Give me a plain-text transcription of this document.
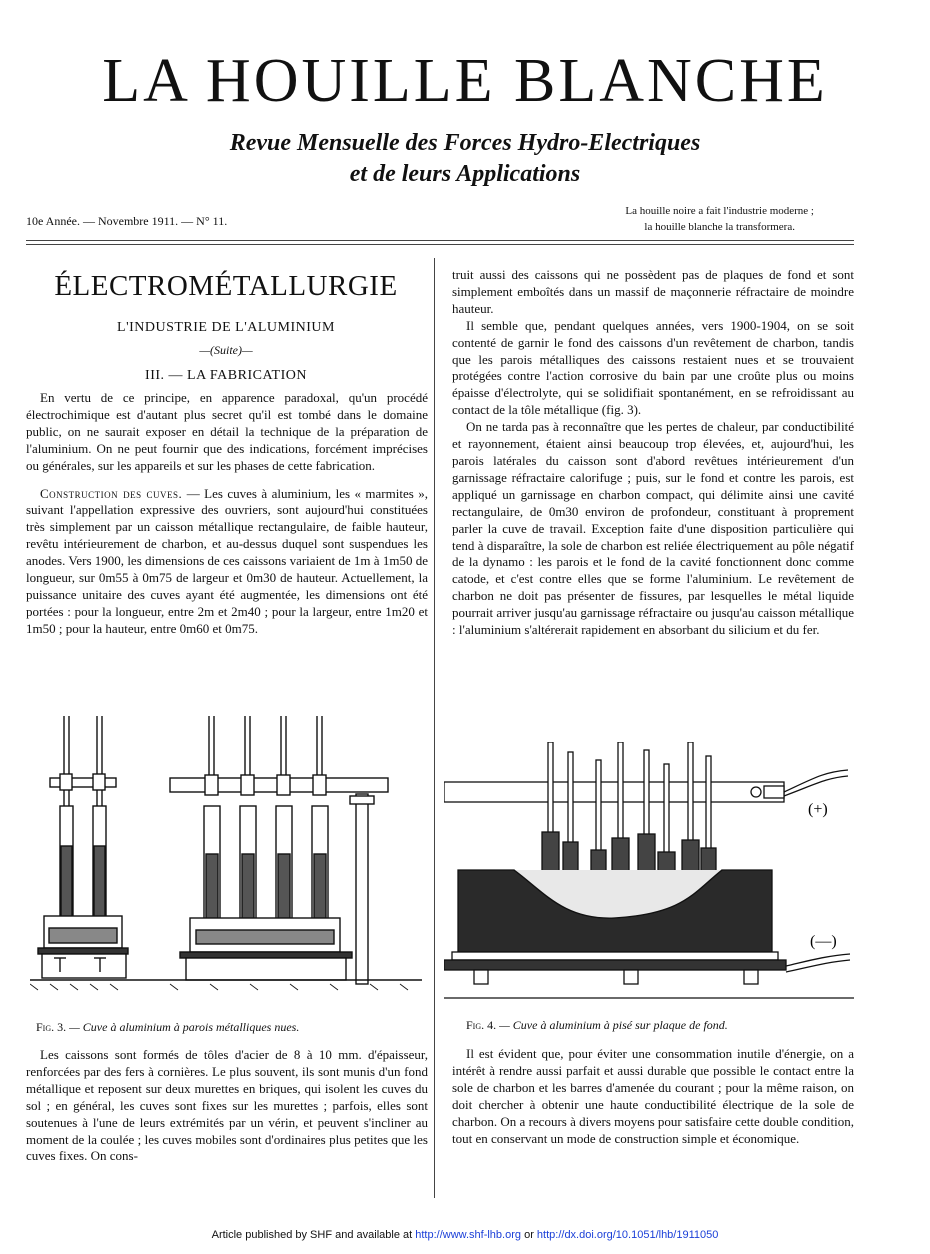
LA HOUILLE BLANCHE
Revue Mensuelle des Forces Hydro-Electriques
et de leurs Applications
10e Année. — Novembre 1911. — N° 11.
La houille noire a fait l'industrie moderne ;
la houille blanche la transformera.
ÉLECTROMÉTALLURGIE
L'INDUSTRIE DE L'ALUMINIUM
—(Suite)—
III. — LA FABRICATION

En vertu de ce principe, en apparence paradoxal, qu'un procédé électrochimique est d'autant plus secret qu'il est tombé dans le domaine public, on ne saurait exposer en détail la technique de la préparation de l'aluminium. On ne peut fournir que des indications, forcément imprécises ou générales, sur les appareils et sur les phases de cette fabrication.

Construction des cuves. — Les cuves à aluminium, les « marmites », suivant l'appellation expressive des ouvriers, sont aujourd'hui constituées très simplement par un caisson métallique rectangulaire, de faible hauteur, revêtu intérieurement de charbon, et au-dessus duquel sont suspendues les anodes. Vers 1900, les dimensions de ces caissons variaient de 1m à 1m50 de longueur, sur 0m55 à 0m75 de largeur et 0m30 de hauteur. Actuellement, la puissance unitaire des cuves ayant été augmentée, les dimensions ont été portées : pour la longueur, entre 2m et 2m40 ; pour la largeur, entre 1m20 et 1m50 ; pour la hauteur, entre 0m60 et 0m75.

Fig. 3. — Cuve à aluminium à parois métalliques nues.

Les caissons sont formés de tôles d'acier de 8 à 10 mm. d'épaisseur, renforcées par des fers à cornières. Le plus souvent, ils sont munis d'un fond métallique et reposent sur deux murettes en briques, qui isolent les cuves du sol ; en général, les cuves sont fixes sur les murettes ; parfois, elles sont soutenues à l'une de leurs extrémités par un vérin, et peuvent s'incliner au moment de la coulée ; les cuves mobiles sont d'ordinaires plus petites que les cuves fixes. On cons-

truit aussi des caissons qui ne possèdent pas de plaques de fond et sont simplement emboîtés dans un massif de maçonnerie réfractaire de moindre hauteur.

Il semble que, pendant quelques années, vers 1900-1904, on se soit contenté de garnir le fond des caissons d'un revêtement de charbon, tandis que les parois métalliques des caissons restaient nues et se trouvaient protégées contre l'action corrosive du bain par une croûte plus ou moins épaisse d'électrolyte, qui se solidifiait spontanément, en se refroidissant au contact de la tôle métallique (fig. 3).

On ne tarda pas à reconnaître que les pertes de chaleur, par conductibilité et rayonnement, étaient ainsi beaucoup trop élevées, et, aujourd'hui, les parois latérales du caisson sont d'abord revêtues intérieurement d'un garnissage réfractaire calorifuge ; puis, sur le fond et contre les parois, est appliqué un garnissage en charbon compact, qui délimite ainsi une cavité rectangulaire, de 0m30 environ de profondeur, constituant à proprement parler la cuve de travail. Exception faite d'une disposition particulière qui tend à disparaître, la sole de charbon est reliée électriquement au pôle négatif de la dynamo : les parois et le fond de la cavité fonctionnent donc comme catode, et c'est contre elles que se forme l'aluminium. Le revêtement de charbon ne doit pas présenter de fissures, par lesquelles le métal liquide pourrait arriver jusqu'au garnissage réfractaire ou jusqu'au caisson métallique : l'aluminium s'altérerait rapidement en absorbant du silicium et du fer.

(+)
(—)
Fig. 4. — Cuve à aluminium à pisé sur plaque de fond.

Il est évident que, pour éviter une consommation inutile d'énergie, on a intérêt à rendre aussi parfait et aussi durable que possible le contact entre la sole de charbon et les barres d'amenée du courant ; pour la même raison, on doit chercher à obtenir une haute conductibilité électrique de la sole de charbon. On a recours à divers moyens pour satisfaire cette double condition, tout en conservant un mode de construction simple et économique.

Article published by SHF and available at http://www.shf-lhb.org or http://dx.doi.org/10.1051/lhb/1911050
